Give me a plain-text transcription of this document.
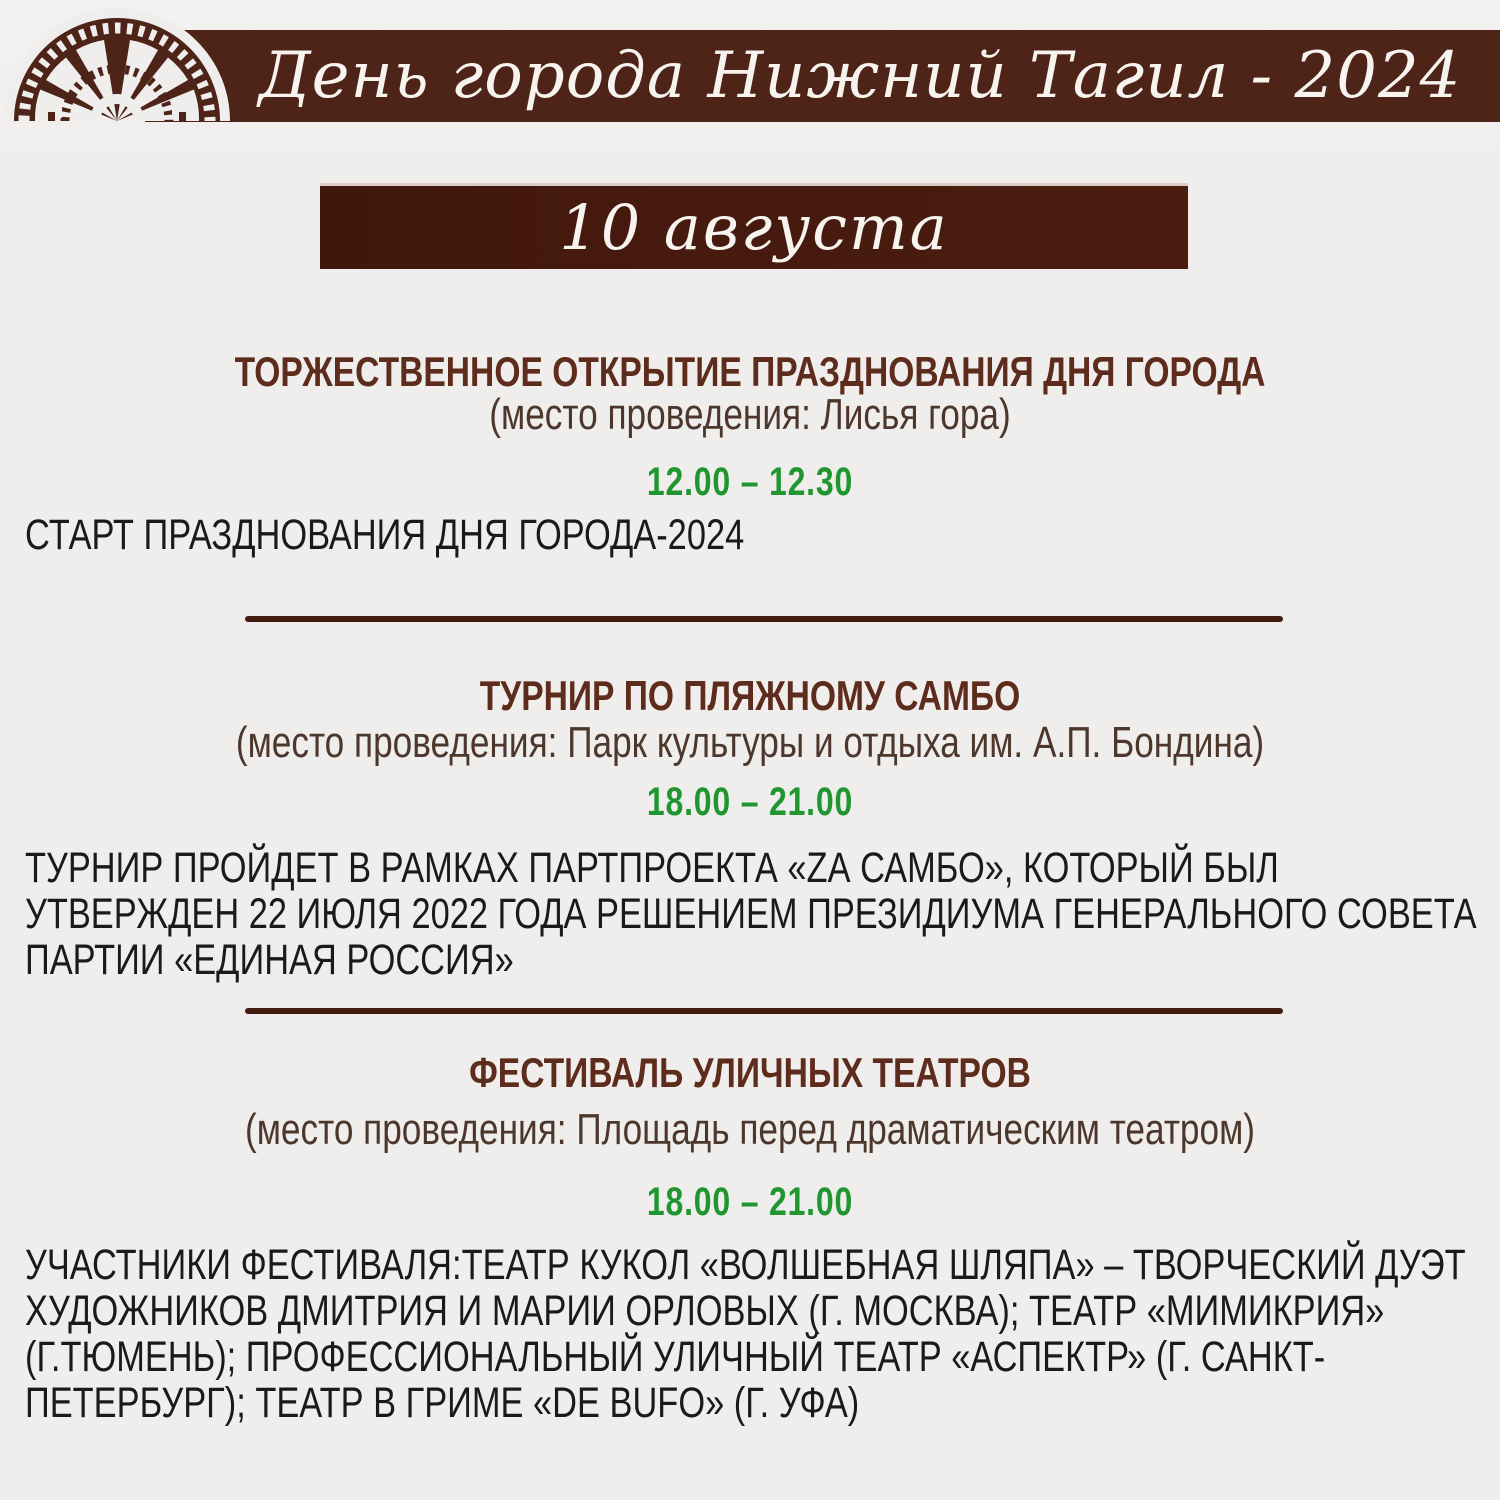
День города Нижний Тагил - 2024
10 августа
ТОРЖЕСТВЕННОЕ ОТКРЫТИЕ ПРАЗДНОВАНИЯ ДНЯ ГОРОДА
(место проведения: Лисья гора)
12.00 – 12.30
СТАРТ ПРАЗДНОВАНИЯ ДНЯ ГОРОДА-2024
ТУРНИР ПО ПЛЯЖНОМУ САМБО
(место проведения: Парк культуры и отдыха им. А.П. Бондина)
18.00 – 21.00
ТУРНИР ПРОЙДЕТ В РАМКАХ ПАРТПРОЕКТА «ZА САМБО», КОТОРЫЙ БЫЛ УТВЕРЖДЕН 22 ИЮЛЯ 2022 ГОДА РЕШЕНИЕМ ПРЕЗИДИУМА ГЕНЕРАЛЬНОГО СОВЕТА ПАРТИИ «ЕДИНАЯ РОССИЯ»
ФЕСТИВАЛЬ УЛИЧНЫХ ТЕАТРОВ
(место проведения: Площадь перед драматическим театром)
18.00 – 21.00
УЧАСТНИКИ ФЕСТИВАЛЯ:ТЕАТР КУКОЛ «ВОЛШЕБНАЯ ШЛЯПА» – ТВОРЧЕСКИЙ ДУЭТ ХУДОЖНИКОВ ДМИТРИЯ И МАРИИ ОРЛОВЫХ (Г. МОСКВА); ТЕАТР «МИМИКРИЯ» (Г.ТЮМЕНЬ); ПРОФЕССИОНАЛЬНЫЙ УЛИЧНЫЙ ТЕАТР «АСПЕКТР» (Г. САНКТ-ПЕТЕРБУРГ); ТЕАТР В ГРИМЕ «DE BUFO» (Г. УФА)
